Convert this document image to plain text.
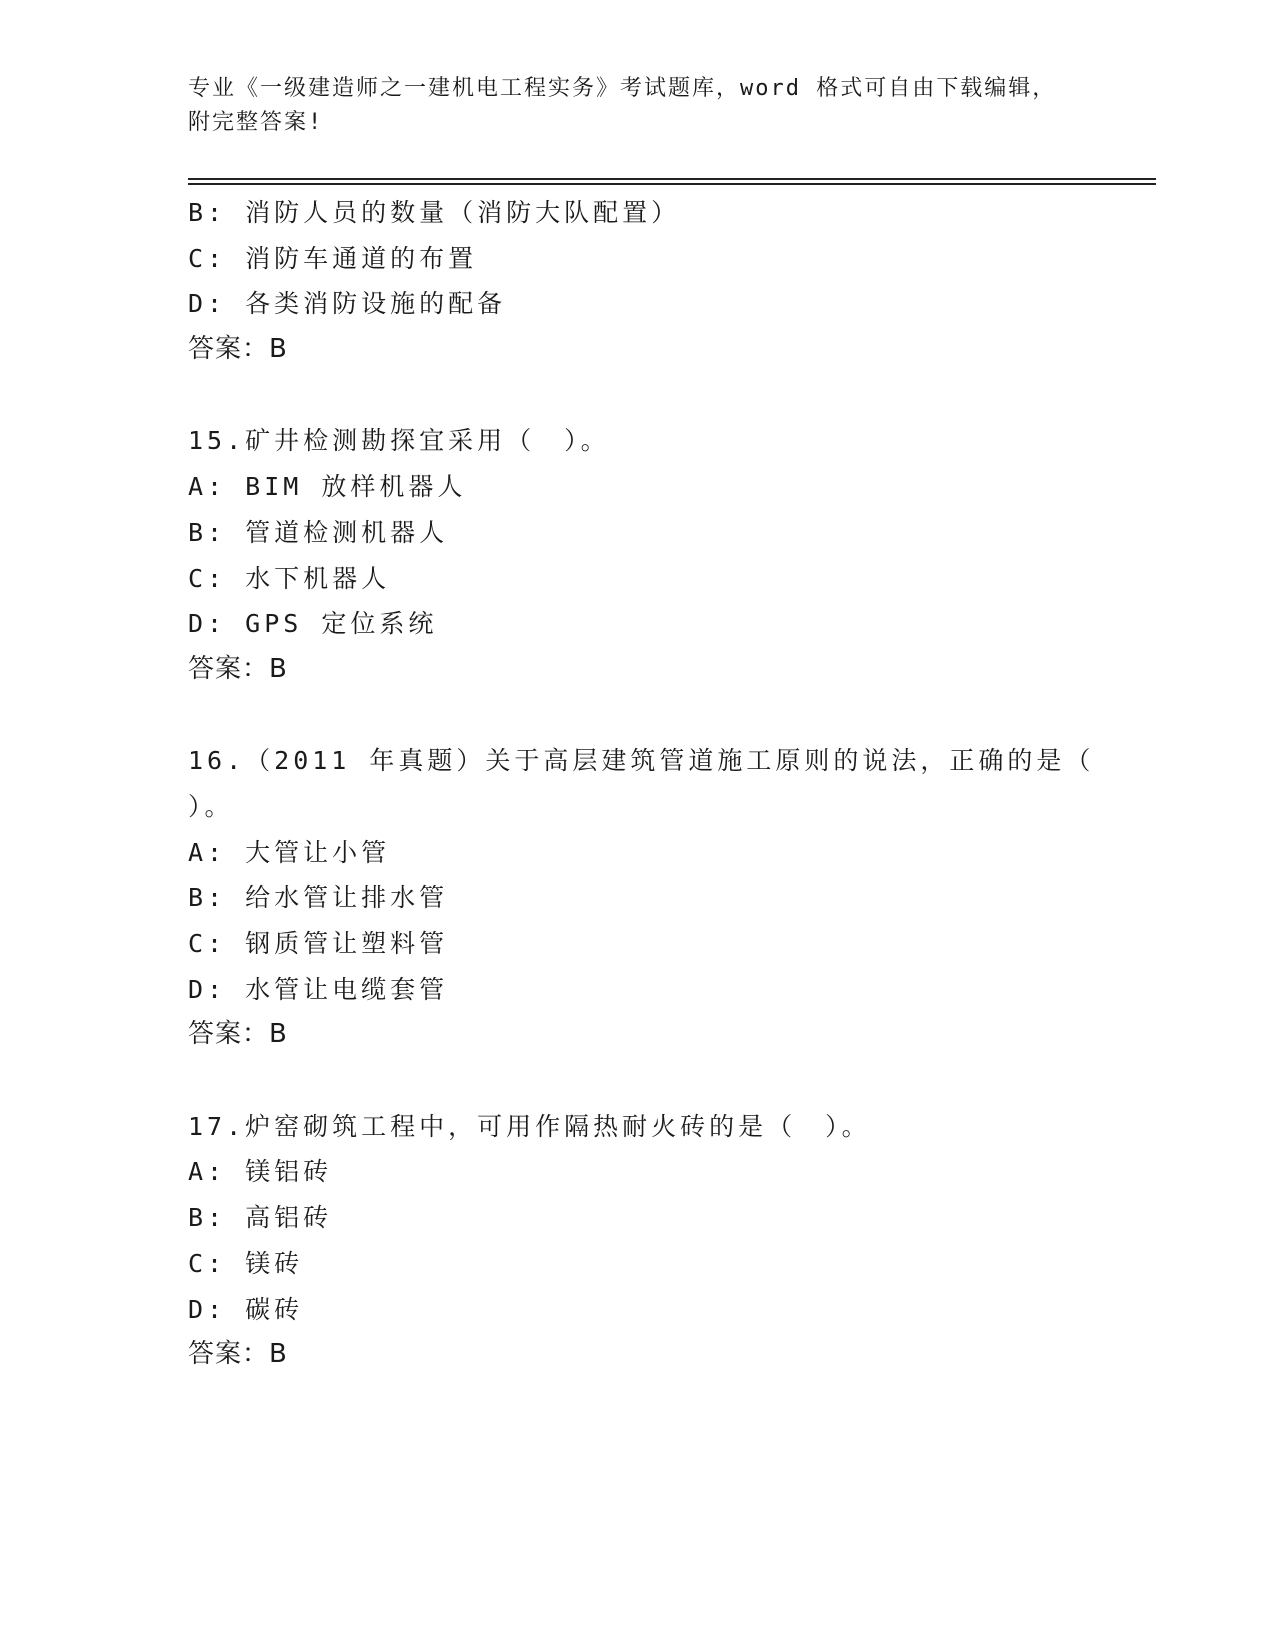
专业《一级建造师之一建机电工程实务》考试题库，word 格式可自由下载编辑，
附完整答案!
B: 消防人员的数量（消防大队配置）
C: 消防车通道的布置
D: 各类消防设施的配备
答案：B
15.矿井检测勘探宜采用（　）。
A: BIM 放样机器人
B: 管道检测机器人
C: 水下机器人
D: GPS 定位系统
答案：B
16.（2011 年真题）关于高层建筑管道施工原则的说法，正确的是（
）。
A: 大管让小管
B: 给水管让排水管
C: 钢质管让塑料管
D: 水管让电缆套管
答案：B
17.炉窑砌筑工程中，可用作隔热耐火砖的是（　）。
A: 镁铝砖
B: 高铝砖
C: 镁砖
D: 碳砖
答案：B
